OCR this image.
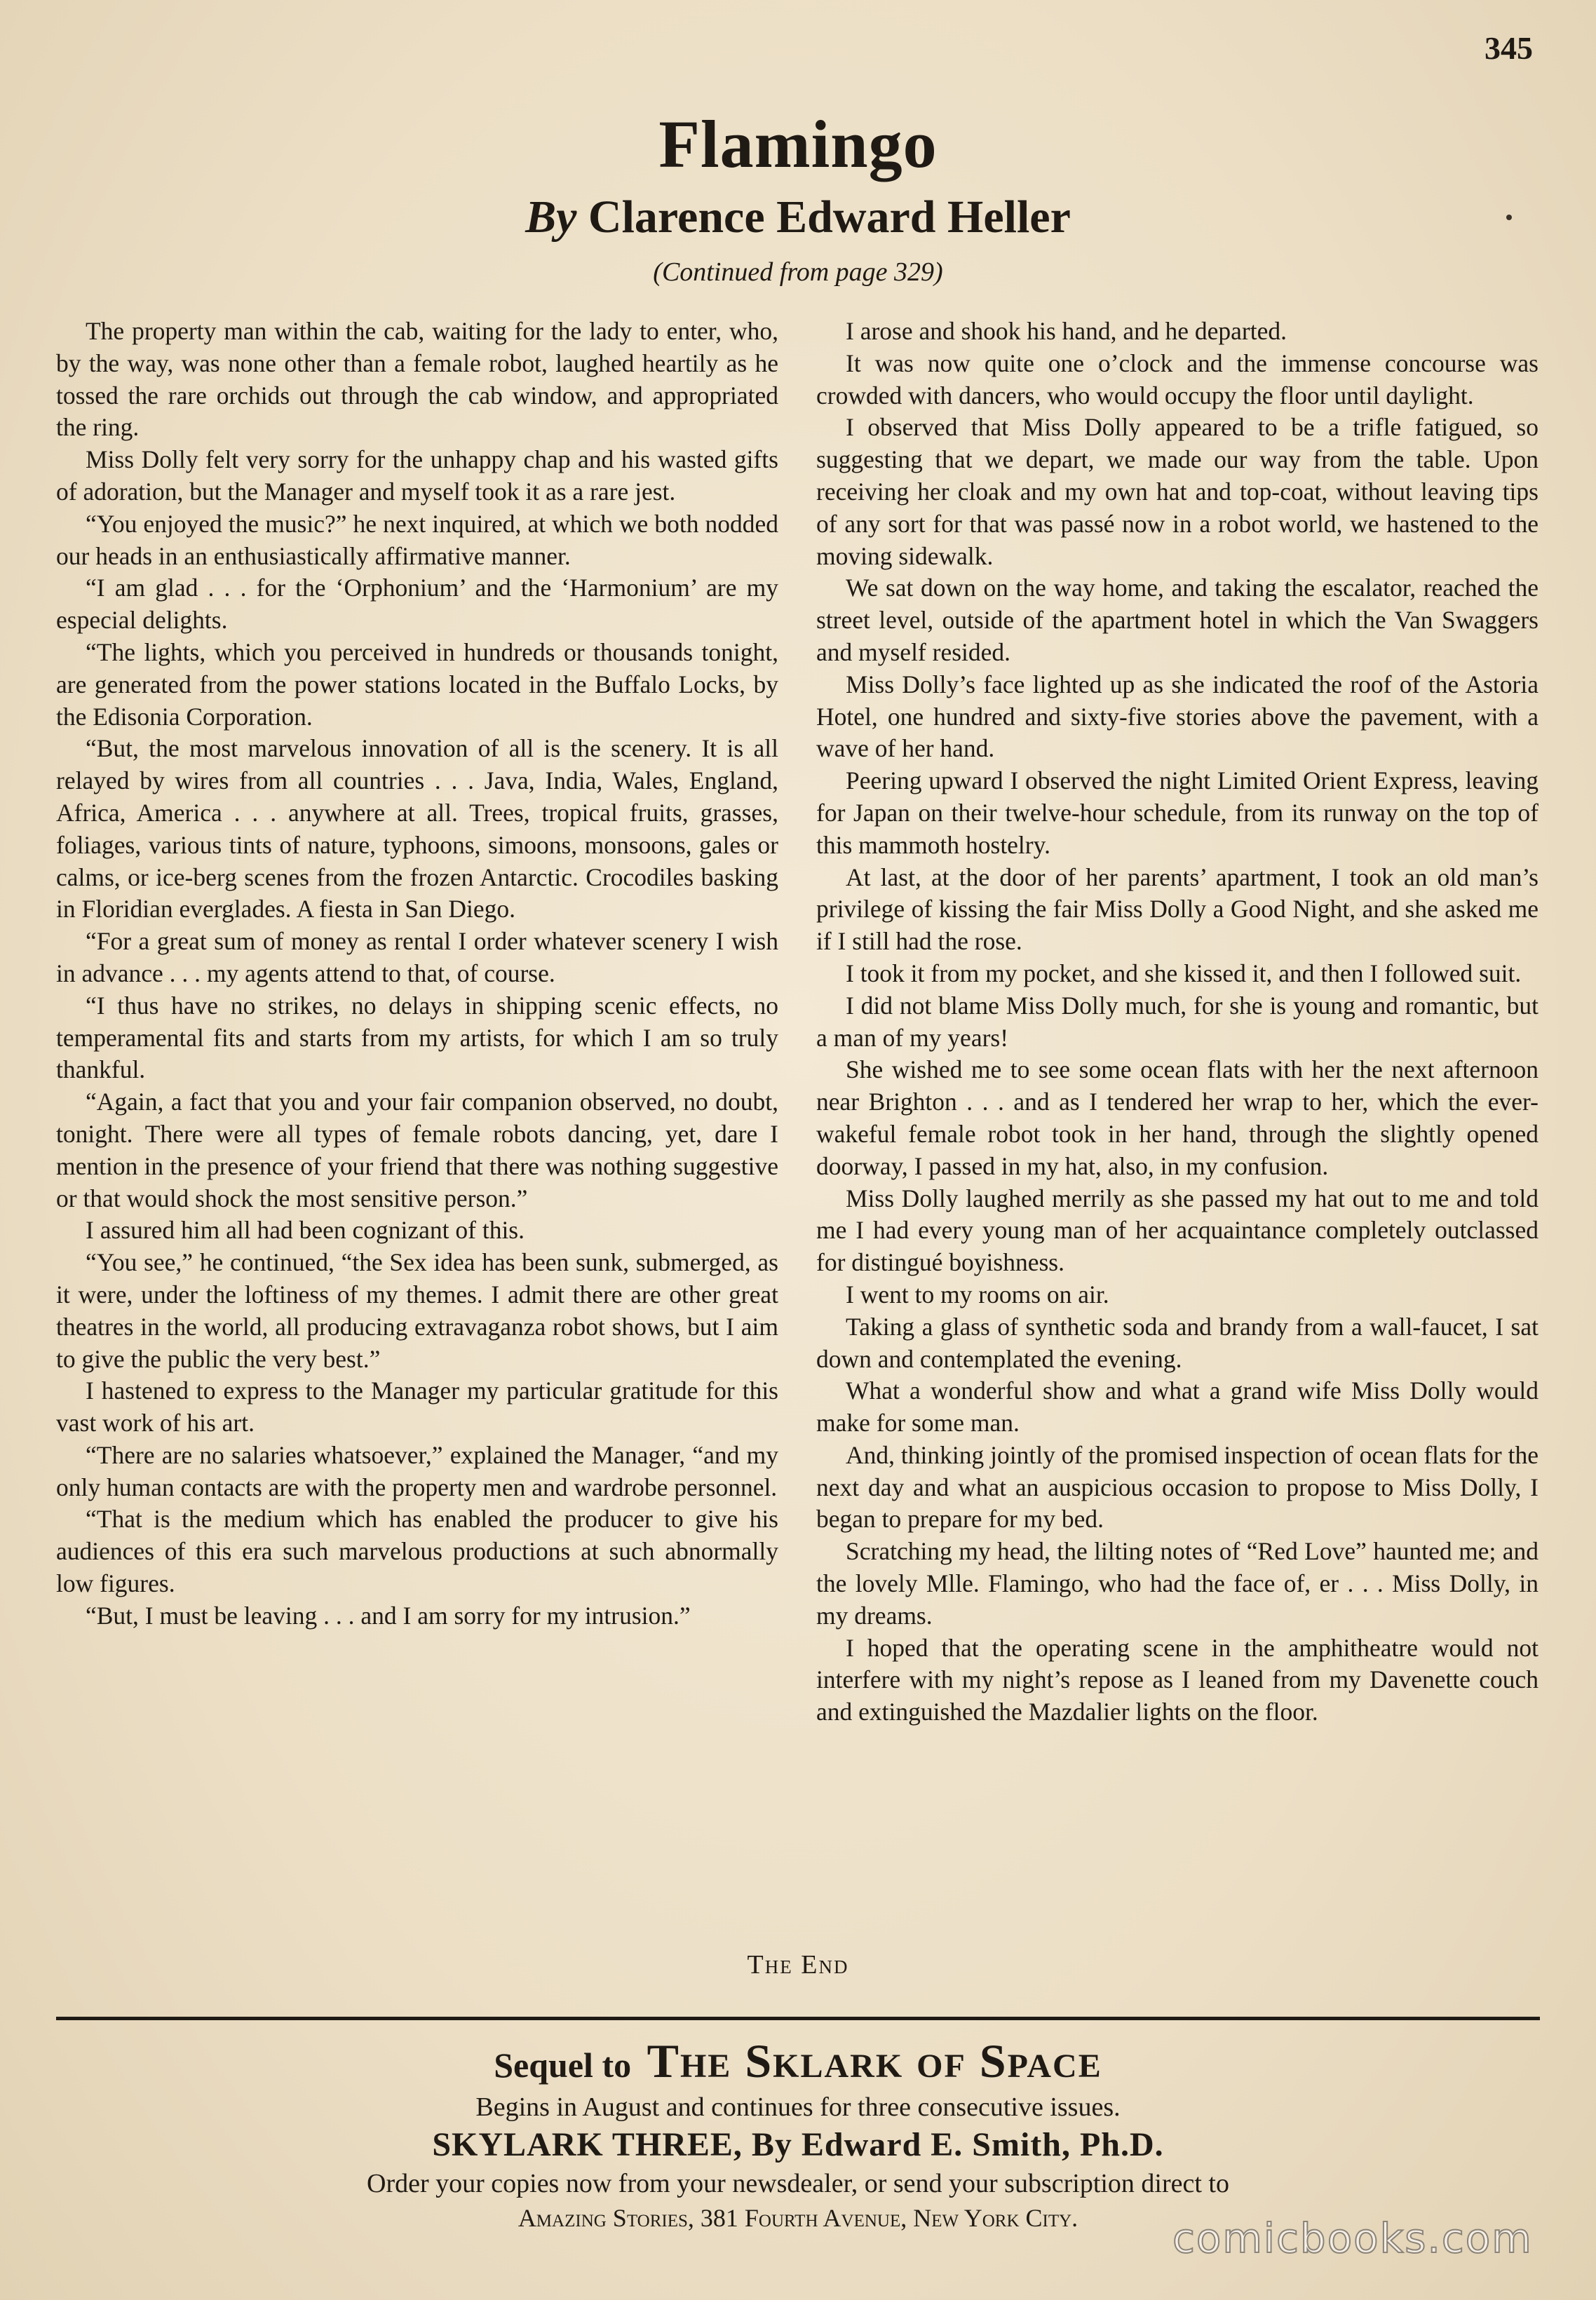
345
Flamingo
By Clarence Edward Heller

(Continued from page 329)

The property man within the cab, waiting for the lady to enter, who, by the way, was none other than a female robot, laughed heartily as he tossed the rare orchids out through the cab window, and appropriated the ring.

Miss Dolly felt very sorry for the unhappy chap and his wasted gifts of adoration, but the Manager and myself took it as a rare jest.

“You enjoyed the music?” he next inquired, at which we both nodded our heads in an enthusiastically affirmative manner.

“I am glad . . . for the ‘Orphonium’ and the ‘Harmonium’ are my especial delights.

“The lights, which you perceived in hundreds or thousands tonight, are generated from the power stations located in the Buffalo Locks, by the Edisonia Corporation.

“But, the most marvelous innovation of all is the scenery. It is all relayed by wires from all countries . . . Java, India, Wales, England, Africa, America . . . anywhere at all. Trees, tropical fruits, grasses, foliages, various tints of nature, typhoons, simoons, monsoons, gales or calms, or ice-berg scenes from the frozen Antarctic. Crocodiles basking in Floridian everglades. A fiesta in San Diego.

“For a great sum of money as rental I order whatever scenery I wish in advance . . . my agents attend to that, of course.

“I thus have no strikes, no delays in shipping scenic effects, no temperamental fits and starts from my artists, for which I am so truly thankful.

“Again, a fact that you and your fair companion observed, no doubt, tonight. There were all types of female robots dancing, yet, dare I mention in the presence of your friend that there was nothing suggestive or that would shock the most sensitive person.”

I assured him all had been cognizant of this.

“You see,” he continued, “the Sex idea has been sunk, submerged, as it were, under the loftiness of my themes. I admit there are other great theatres in the world, all producing extravaganza robot shows, but I aim to give the public the very best.”

I hastened to express to the Manager my particular gratitude for this vast work of his art.

“There are no salaries whatsoever,” explained the Manager, “and my only human contacts are with the property men and wardrobe personnel.

“That is the medium which has enabled the producer to give his audiences of this era such marvelous productions at such abnormally low figures.

“But, I must be leaving . . . and I am sorry for my intrusion.”

I arose and shook his hand, and he departed.

It was now quite one o’clock and the immense concourse was crowded with dancers, who would occupy the floor until daylight.

I observed that Miss Dolly appeared to be a trifle fatigued, so suggesting that we depart, we made our way from the table. Upon receiving her cloak and my own hat and top-coat, without leaving tips of any sort for that was passé now in a robot world, we hastened to the moving sidewalk.

We sat down on the way home, and taking the escalator, reached the street level, outside of the apartment hotel in which the Van Swaggers and myself resided.

Miss Dolly’s face lighted up as she indicated the roof of the Astoria Hotel, one hundred and sixty-five stories above the pavement, with a wave of her hand.

Peering upward I observed the night Limited Orient Express, leaving for Japan on their twelve-hour schedule, from its runway on the top of this mammoth hostelry.

At last, at the door of her parents’ apartment, I took an old man’s privilege of kissing the fair Miss Dolly a Good Night, and she asked me if I still had the rose.

I took it from my pocket, and she kissed it, and then I followed suit.

I did not blame Miss Dolly much, for she is young and romantic, but a man of my years!

She wished me to see some ocean flats with her the next afternoon near Brighton . . . and as I tendered her wrap to her, which the ever-wakeful female robot took in her hand, through the slightly opened doorway, I passed in my hat, also, in my confusion.

Miss Dolly laughed merrily as she passed my hat out to me and told me I had every young man of her acquaintance completely outclassed for distingué boyishness.

I went to my rooms on air.

Taking a glass of synthetic soda and brandy from a wall-faucet, I sat down and contemplated the evening.

What a wonderful show and what a grand wife Miss Dolly would make for some man.

And, thinking jointly of the promised inspection of ocean flats for the next day and what an auspicious occasion to propose to Miss Dolly, I began to prepare for my bed.

Scratching my head, the lilting notes of “Red Love” haunted me; and the lovely Mlle. Flamingo, who had the face of, er . . . Miss Dolly, in my dreams.

I hoped that the operating scene in the amphitheatre would not interfere with my night’s repose as I leaned from my Davenette couch and extinguished the Mazdalier lights on the floor.

The End

Sequel to The Sklark of Space

Begins in August and continues for three consecutive issues.

SKYLARK THREE, By Edward E. Smith, Ph.D.

Order your copies now from your newsdealer, or send your subscription direct to

Amazing Stories, 381 Fourth Avenue, New York City.	comicbooks.com
